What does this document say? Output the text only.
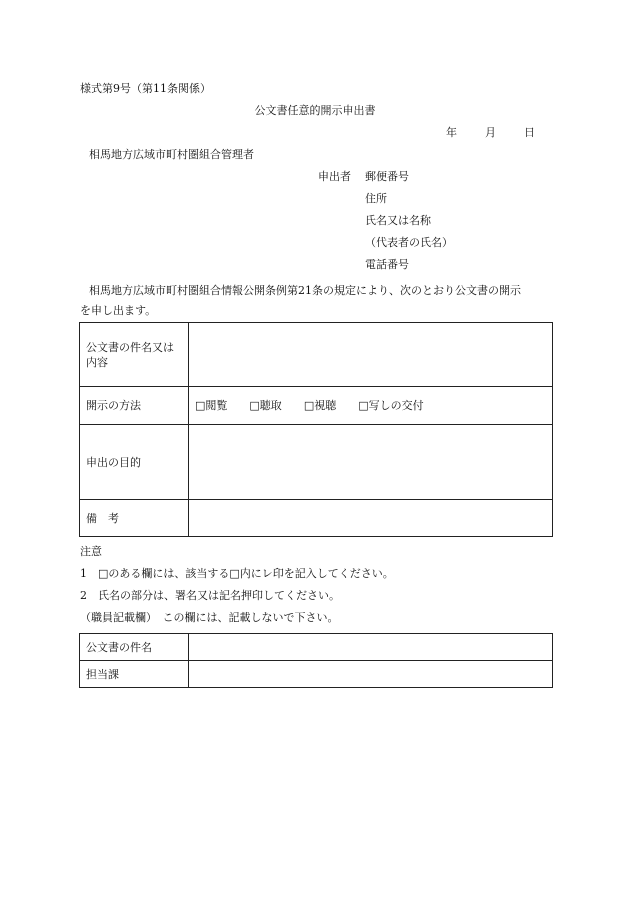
様式第9号（第11条関係）
公文書任意的開示申出書
年	月	日
相馬地方広域市町村圏組合管理者
申出者 郵便番号
住所
氏名又は名称
（代表者の氏名）
電話番号
相馬地方広域市町村圏組合情報公開条例第21条の規定により、次のとおり公文書の開示
を申し出ます。
公文書の件名又は
内容	

開示の方法	□閲覧 □聴取 □視聴 □写しの交付
申出の目的	
備　考	
注意
1　□のある欄には、該当する□内にレ印を記入してください。
2　氏名の部分は、署名又は記名押印してください。
（職員記載欄）　この欄には、記載しないで下さい。
公文書の件名	
担当課	
